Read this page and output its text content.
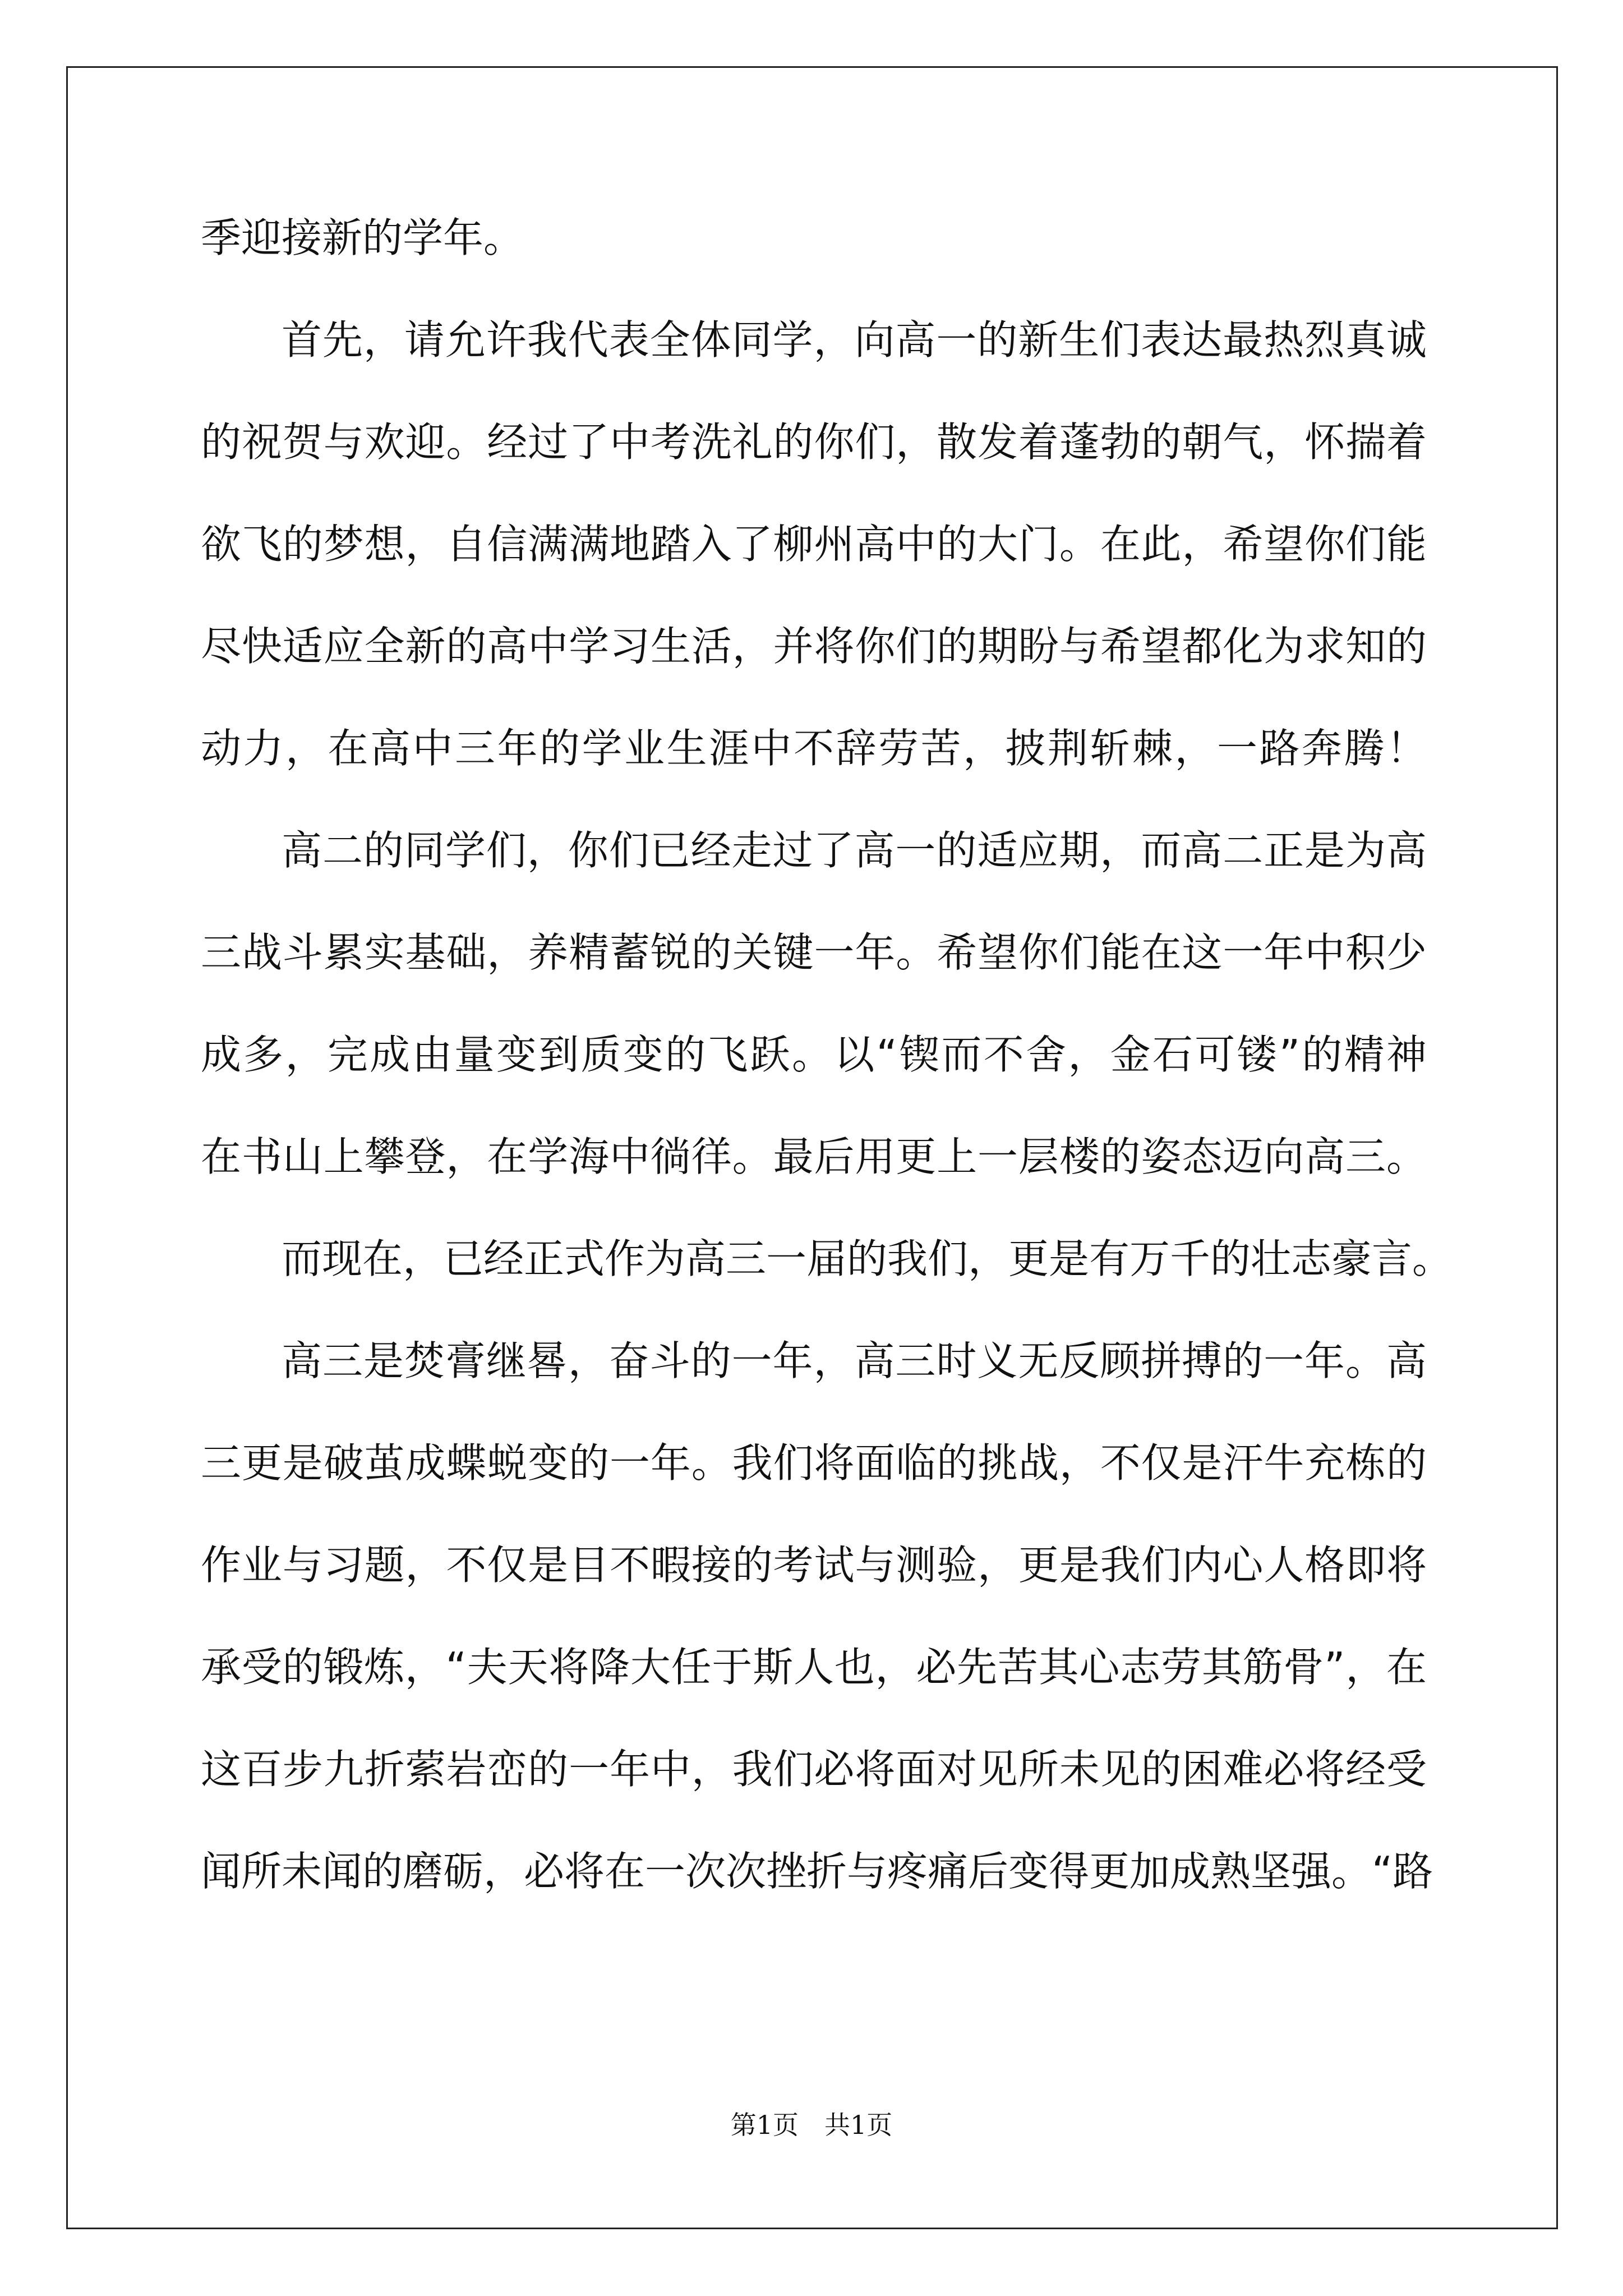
季迎接新的学年。
首先，请允许我代表全体同学，向高一的新生们表达最热烈真诚
的祝贺与欢迎。经过了中考洗礼的你们，散发着蓬勃的朝气，怀揣着
欲飞的梦想，自信满满地踏入了柳州高中的大门。在此，希望你们能
尽快适应全新的高中学习生活，并将你们的期盼与希望都化为求知的
动力，在高中三年的学业生涯中不辞劳苦，披荆斩棘，一路奔腾！
高二的同学们，你们已经走过了高一的适应期，而高二正是为高
三战斗累实基础，养精蓄锐的关键一年。希望你们能在这一年中积少
成多，完成由量变到质变的飞跃。以“锲而不舍，金石可镂”的精神
在书山上攀登，在学海中徜徉。最后用更上一层楼的姿态迈向高三。
而现在，已经正式作为高三一届的我们，更是有万千的壮志豪言。
高三是焚膏继晷，奋斗的一年，高三时义无反顾拼搏的一年。高
三更是破茧成蝶蜕变的一年。我们将面临的挑战，不仅是汗牛充栋的
作业与习题，不仅是目不暇接的考试与测验，更是我们内心人格即将
承受的锻炼，“夫天将降大任于斯人也，必先苦其心志劳其筋骨”，在
这百步九折萦岩峦的一年中，我们必将面对见所未见的困难必将经受
闻所未闻的磨砺，必将在一次次挫折与疼痛后变得更加成熟坚强。“路
第1页　共1页
